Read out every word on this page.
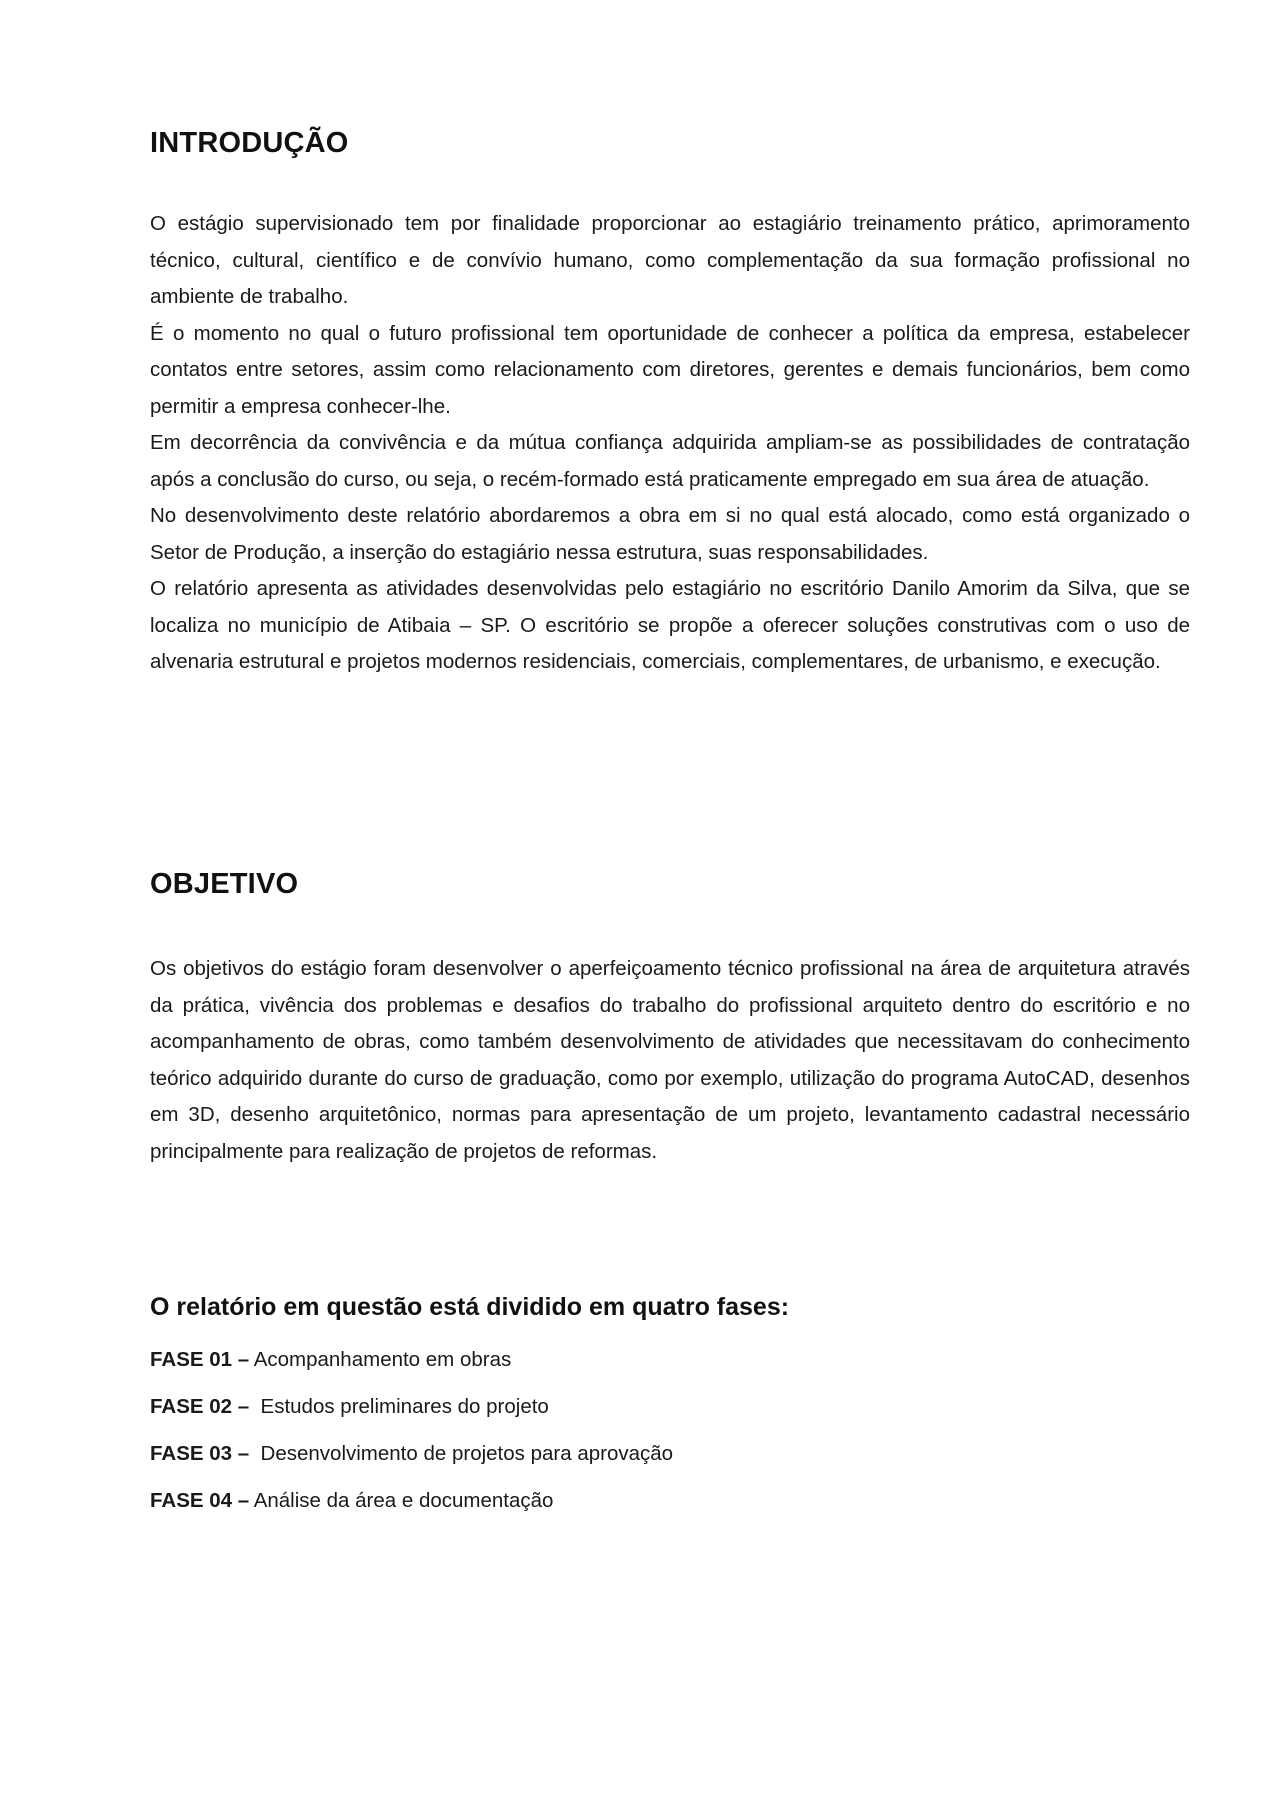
INTRODUÇÃO

O estágio supervisionado tem por finalidade proporcionar ao estagiário treinamento prático, aprimoramento técnico, cultural, científico e de convívio humano, como complementação da sua formação profissional no ambiente de trabalho.

É o momento no qual o futuro profissional tem oportunidade de conhecer a política da empresa, estabelecer contatos entre setores, assim como relacionamento com diretores, gerentes e demais funcionários, bem como permitir a empresa conhecer-lhe.

Em decorrência da convivência e da mútua confiança adquirida ampliam-se as possibilidades de contratação após a conclusão do curso, ou seja, o recém-formado está praticamente empregado em sua área de atuação.

No desenvolvimento deste relatório abordaremos a obra em si no qual está alocado, como está organizado o Setor de Produção, a inserção do estagiário nessa estrutura, suas responsabilidades.

O relatório apresenta as atividades desenvolvidas pelo estagiário no escritório Danilo Amorim da Silva, que se localiza no município de Atibaia – SP. O escritório se propõe a oferecer soluções construtivas com o uso de alvenaria estrutural e projetos modernos residenciais, comerciais, complementares, de urbanismo, e execução.

OBJETIVO

Os objetivos do estágio foram desenvolver o aperfeiçoamento técnico profissional na área de arquitetura através da prática, vivência dos problemas e desafios do trabalho do profissional arquiteto dentro do escritório e no acompanhamento de obras, como também desenvolvimento de atividades que necessitavam do conhecimento teórico adquirido durante do curso de graduação, como por exemplo, utilização do programa AutoCAD, desenhos em 3D, desenho arquitetônico, normas para apresentação de um projeto, levantamento cadastral necessário principalmente para realização de projetos de reformas.

O relatório em questão está dividido em quatro fases:
FASE 01 – Acompanhamento em obras
FASE 02 –  Estudos preliminares do projeto
FASE 03 –  Desenvolvimento de projetos para aprovação
FASE 04 – Análise da área e documentação
